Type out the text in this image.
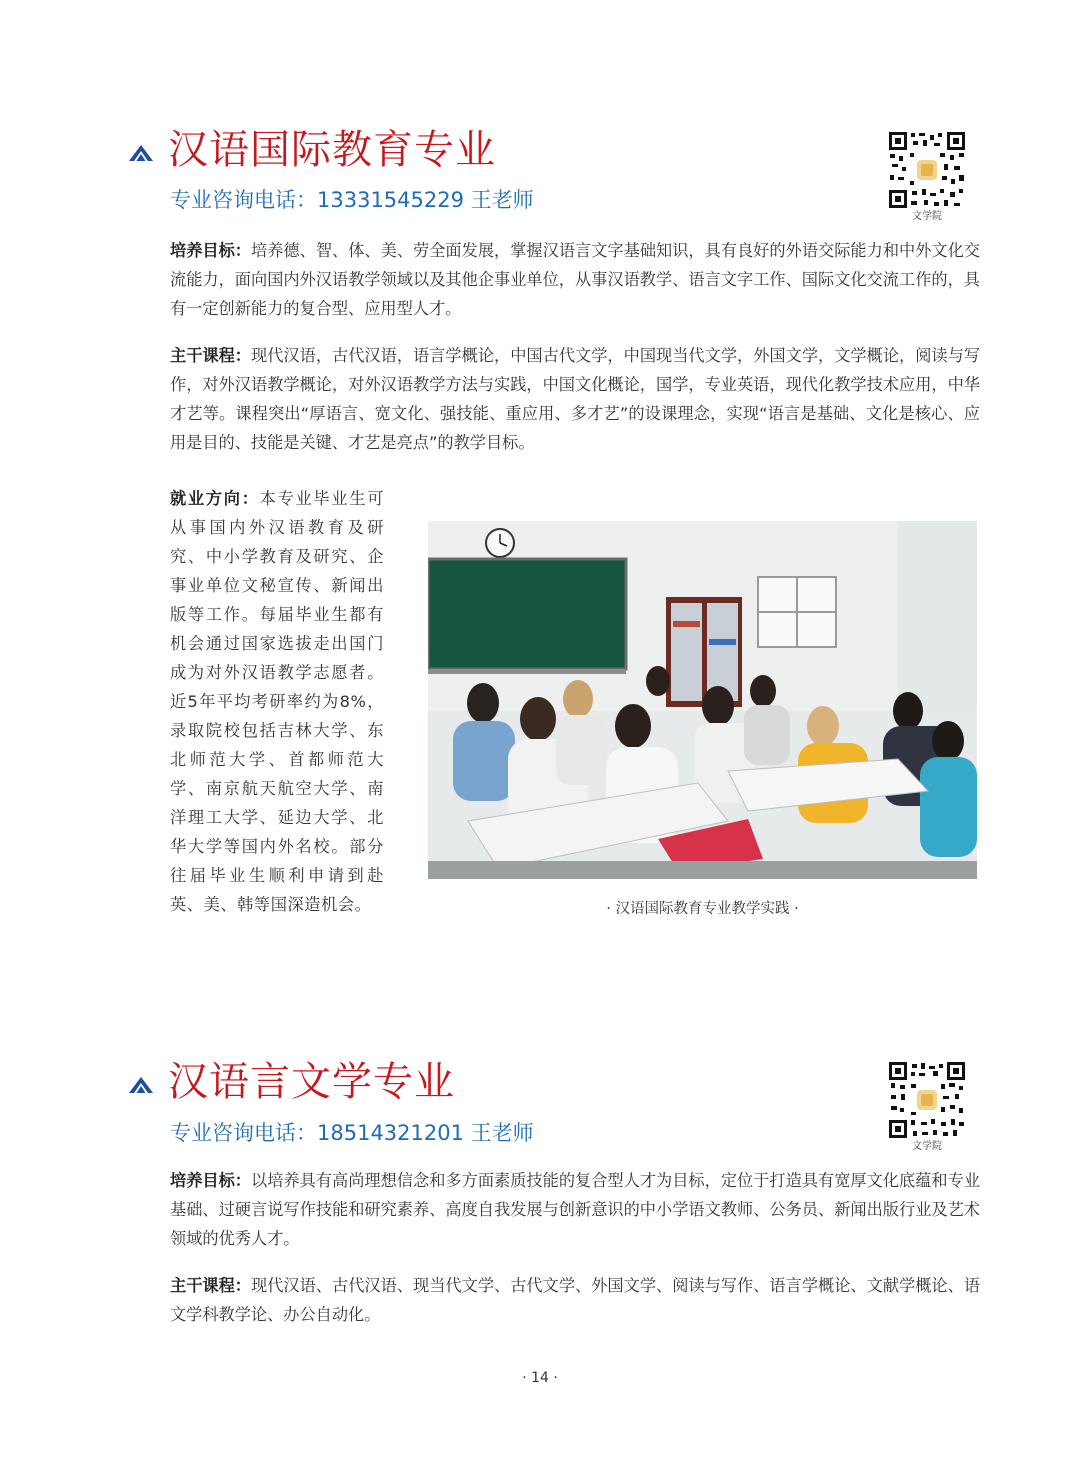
汉语国际教育专业
专业咨询电话：13331545229 王老师
文学院

培养目标：培养德、智、体、美、劳全面发展，掌握汉语言文字基础知识，具有良好的外语交际能力和中外文化交流能力，面向国内外汉语教学领域以及其他企事业单位，从事汉语教学、语言文字工作、国际文化交流工作的，具有一定创新能力的复合型、应用型人才。

主干课程：现代汉语，古代汉语，语言学概论，中国古代文学，中国现当代文学，外国文学，文学概论，阅读与写作，对外汉语教学概论，对外汉语教学方法与实践，中国文化概论，国学，专业英语，现代化教学技术应用，中华才艺等。课程突出“厚语言、宽文化、强技能、重应用、多才艺”的设课理念，实现“语言是基础、文化是核心、应用是目的、技能是关键、才艺是亮点”的教学目标。

就业方向：本专业毕业生可从事国内外汉语教育及研究、中小学教育及研究、企事业单位文秘宣传、新闻出版等工作。每届毕业生都有机会通过国家选拔走出国门成为对外汉语教学志愿者。近5年平均考研率约为8%，录取院校包括吉林大学、东北师范大学、首都师范大学、南京航天航空大学、南洋理工大学、延边大学、北华大学等国内外名校。部分往届毕业生顺利申请到赴英、美、韩等国深造机会。	· 汉语国际教育专业教学实践 ·
汉语言文学专业
专业咨询电话：18514321201 王老师
文学院

培养目标：以培养具有高尚理想信念和多方面素质技能的复合型人才为目标，定位于打造具有宽厚文化底蕴和专业基础、过硬言说写作技能和研究素养、高度自我发展与创新意识的中小学语文教师、公务员、新闻出版行业及艺术领域的优秀人才。

主干课程：现代汉语、古代汉语、现当代文学、古代文学、外国文学、阅读与写作、语言学概论、文献学概论、语文学科教学论、办公自动化。

· 14 ·
